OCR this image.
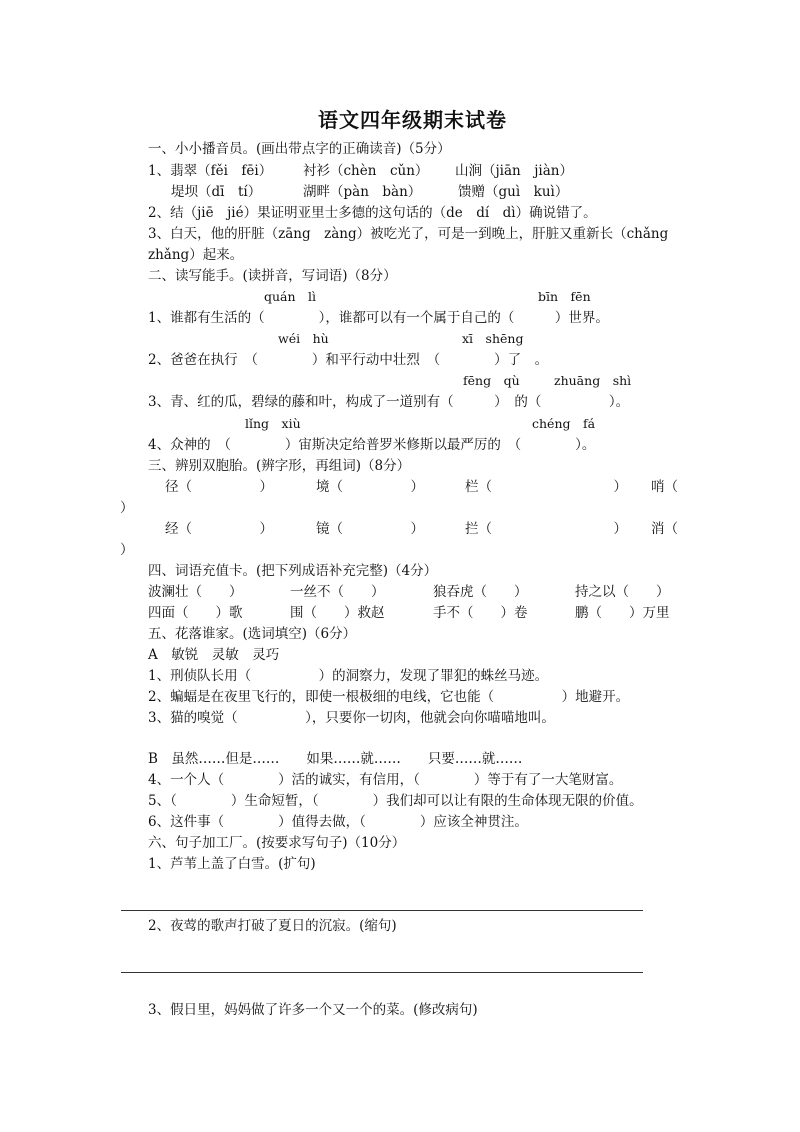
语文四年级期末试卷
一、小小播音员。(画出带点字的正确读音)（5分）
1、翡翠（fěi　fēi） 衬衫（chèn　cǔn） 山涧（jiān　jiàn）
堤坝（dī　tí）	湖畔（pàn　bàn）	馈赠（guì　kuì）
2、结（jiē　jié）果证明亚里士多德的这句话的（de　dí　dì）确说错了。
3、白天，他的肝脏（zāng　zàng）被吃光了，可是一到晚上，肝脏又重新长（chǎng
zhǎng）起来。
二、读写能手。(读拼音，写词语)（8分）
quán　lì	bīn　fēn
1、谁都有生活的（　　　　），谁都可以有一个属于自己的（　　　）世界。
wéi　hù	xī　shēng
2、爸爸在执行　（　　　　）和平行动中壮烈　（　　　　）了　。
fēng　qù	zhuāng　shì
3、青、红的瓜，碧绿的藤和叶，构成了一道别有（　　　）　的（　　　　　）。
lǐng　xiù	chéng　fá
4、众神的　（　　　　）宙斯决定给普罗米修斯以最严厉的　（　　　　）。
三、辨别双胞胎。(辨字形，再组词)（8分）
径（　　　　　）	境（　　　　　）	栏（　　　　　　　　　） 哨（
）
经（　　　　　）	镜（　　　　　）	拦（　　　　　　　　　） 消（
）
四、词语充值卡。(把下列成语补充完整)（4分）
波澜壮（　　）	一丝不（　　）	狼吞虎（　　）	持之以（　　）
四面（　　）歌	围（　　）救赵	手不（　　）卷	鹏（　　）万里
五、花落谁家。(选词填空)（6分）
A　敏锐　灵敏　灵巧
1、刑侦队长用（　　　　　）的洞察力，发现了罪犯的蛛丝马迹。
2、蝙蝠是在夜里飞行的，即使一根极细的电线，它也能（　　　　　）地避开。
3、猫的嗅觉（　　　　　），只要你一切肉，他就会向你喵喵地叫。
B　虽然……但是……　　如果……就……　　只要……就……
4、一个人（　　　　）活的诚实，有信用，（　　　　）等于有了一大笔财富。
5、（　　　　）生命短暂，（　　　　）我们却可以让有限的生命体现无限的价值。
6、这件事（　　　　）值得去做，（　　　　）应该全神贯注。
六、句子加工厂。(按要求写句子)（10分）
1、芦苇上盖了白雪。(扩句)
2、夜莺的歌声打破了夏日的沉寂。(缩句)
3、假日里，妈妈做了许多一个又一个的菜。(修改病句)
